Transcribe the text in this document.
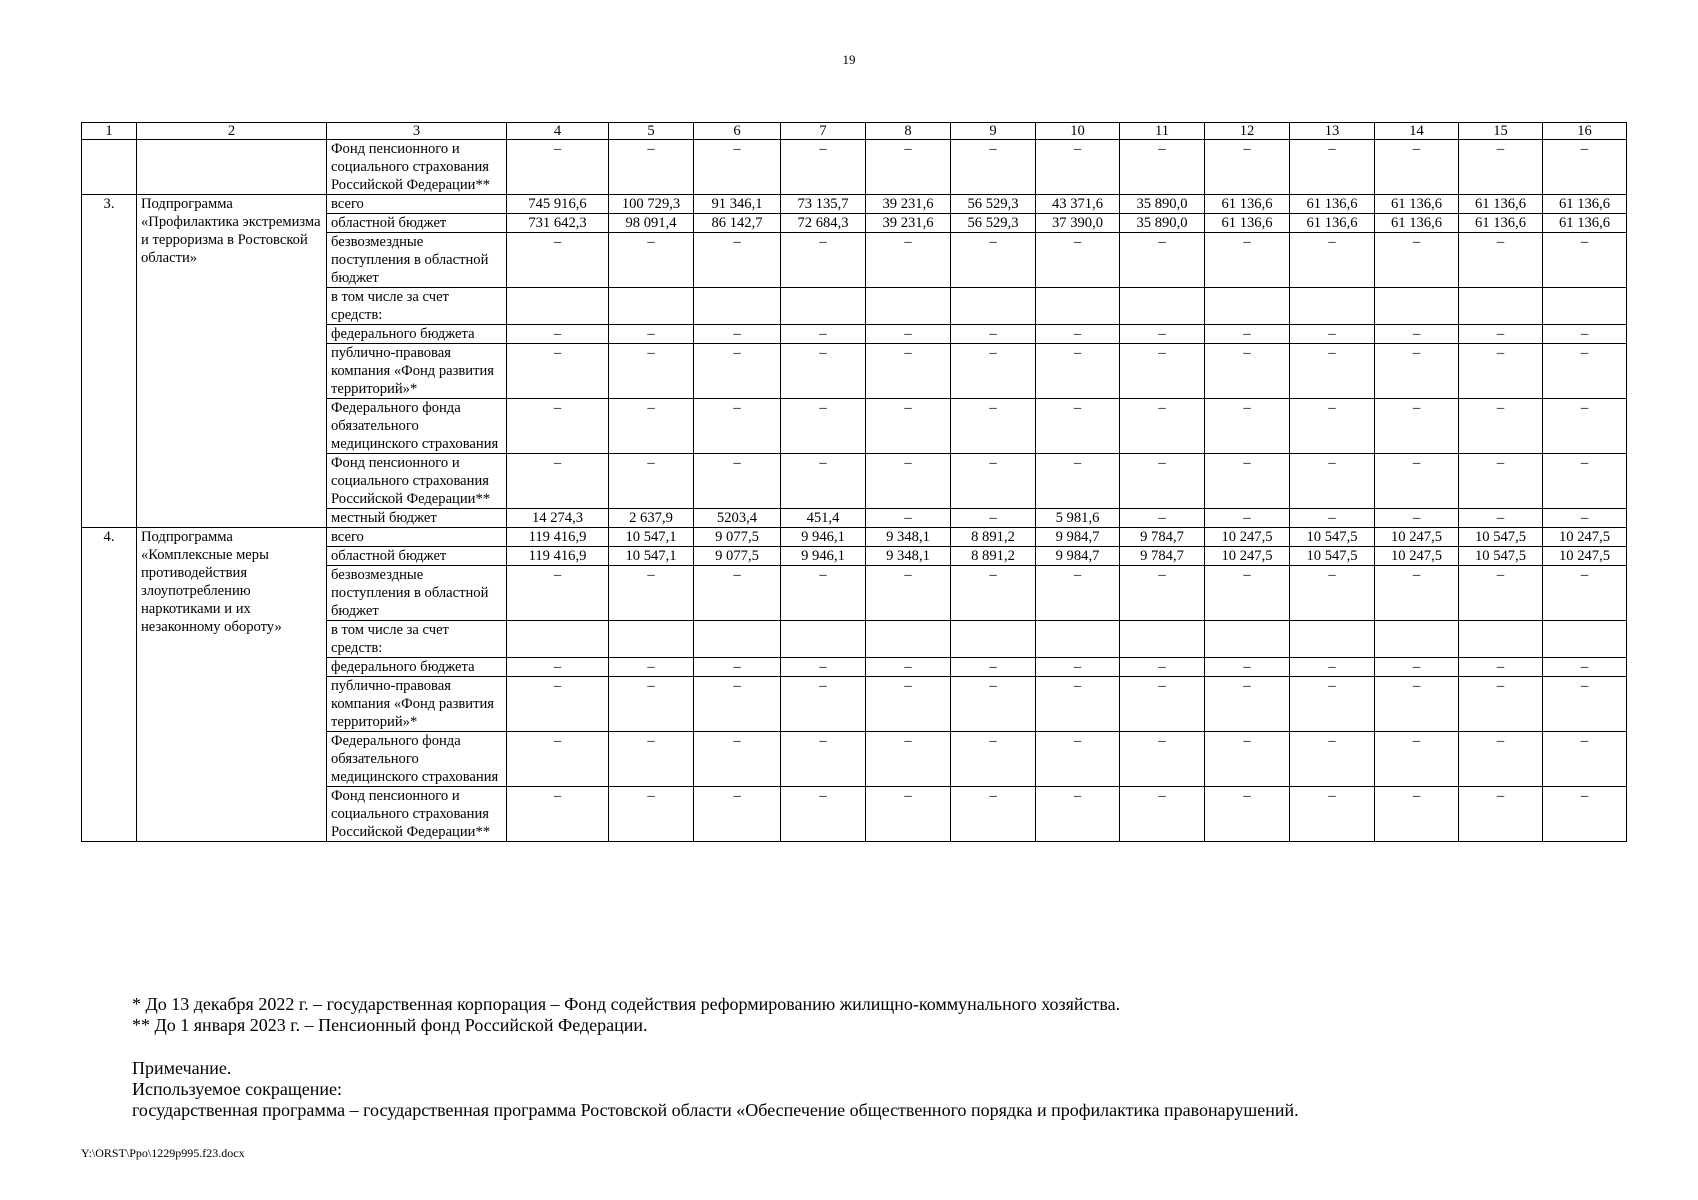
19
1	2	3	4	5	6	7	8	9	10	11	12	13	14	15	16
		Фонд пенсионного и социального страхования Российской Федерации**	–	–	–	–	–	–	–	–	–	–	–	–	–
3.	Подпрограмма «Профилактика экстремизма и терроризма в Ростовской области»	всего	745 916,6	100 729,3	91 346,1	73 135,7	39 231,6	56 529,3	43 371,6	35 890,0	61 136,6	61 136,6	61 136,6	61 136,6	61 136,6
		областной бюджет	731 642,3	98 091,4	86 142,7	72 684,3	39 231,6	56 529,3	37 390,0	35 890,0	61 136,6	61 136,6	61 136,6	61 136,6	61 136,6
		безвозмездные поступления в областной бюджет	–	–	–	–	–	–	–	–	–	–	–	–	–
		в том числе за счет средств:													
		федерального бюджета	–	–	–	–	–	–	–	–	–	–	–	–	–
		публично-правовая компания «Фонд развития территорий»*	–	–	–	–	–	–	–	–	–	–	–	–	–
		Федерального фонда обязательного медицинского страхования	–	–	–	–	–	–	–	–	–	–	–	–	–
		Фонд пенсионного и социального страхования Российской Федерации**	–	–	–	–	–	–	–	–	–	–	–	–	–
		местный бюджет	14 274,3	2 637,9	5203,4	451,4	–	–	5 981,6	–	–	–	–	–	–
4.	Подпрограмма «Комплексные меры противодействия злоупотреблению наркотиками и их незаконному обороту»	всего	119 416,9	10 547,1	9 077,5	9 946,1	9 348,1	8 891,2	9 984,7	9 784,7	10 247,5	10 547,5	10 247,5	10 547,5	10 247,5
		областной бюджет	119 416,9	10 547,1	9 077,5	9 946,1	9 348,1	8 891,2	9 984,7	9 784,7	10 247,5	10 547,5	10 247,5	10 547,5	10 247,5
		безвозмездные поступления в областной бюджет	–	–	–	–	–	–	–	–	–	–	–	–	–
		в том числе за счет средств:													
		федерального бюджета	–	–	–	–	–	–	–	–	–	–	–	–	–
		публично-правовая компания «Фонд развития территорий»*	–	–	–	–	–	–	–	–	–	–	–	–	–
		Федерального фонда обязательного медицинского страхования	–	–	–	–	–	–	–	–	–	–	–	–	–
		Фонд пенсионного и социального страхования Российской Федерации**	–	–	–	–	–	–	–	–	–	–	–	–	–

* До 13 декабря 2022 г. – государственная корпорация – Фонд содействия реформированию жилищно-коммунального хозяйства.

** До 1 января 2023 г. – Пенсионный фонд Российской Федерации.

Примечание.

Используемое сокращение:

государственная программа – государственная программа Ростовской области «Обеспечение общественного порядка и профилактика правонарушений.

Y:\ORST\Ppo\1229p995.f23.docx
